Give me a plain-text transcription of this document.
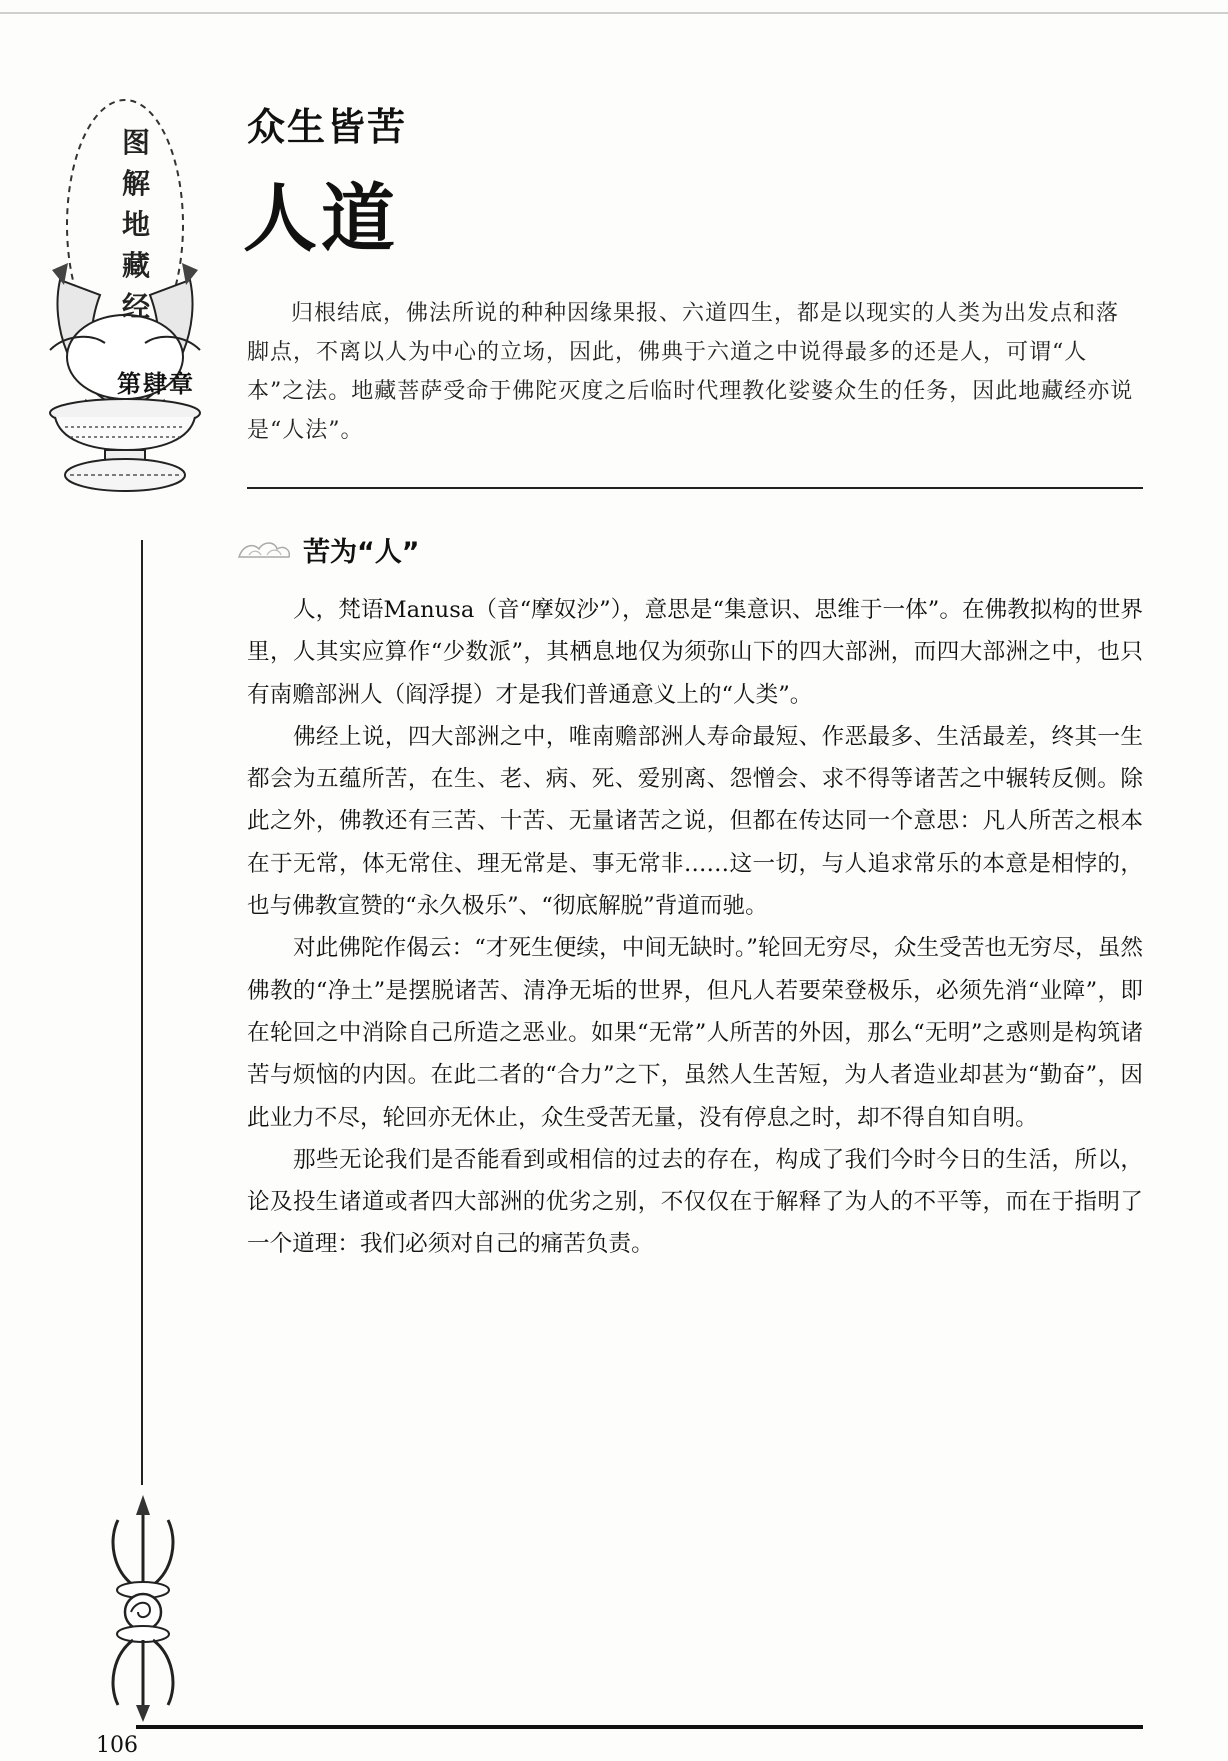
图
解
地
藏
经
第肆章
众生皆苦
人道

归根结底，佛法所说的种种因缘果报、六道四生，都是以现实的人类为出发点和落脚点，不离以人为中心的立场，因此，佛典于六道之中说得最多的还是人，可谓“人本”之法。地藏菩萨受命于佛陀灭度之后临时代理教化娑婆众生的任务，因此地藏经亦说是“人法”。

苦为“人”

人，梵语Manusa（音“摩奴沙”），意思是“集意识、思维于一体”。在佛教拟构的世界里，人其实应算作“少数派”，其栖息地仅为须弥山下的四大部洲，而四大部洲之中，也只有南赡部洲人（阎浮提）才是我们普通意义上的“人类”。

佛经上说，四大部洲之中，唯南赡部洲人寿命最短、作恶最多、生活最差，终其一生都会为五蕴所苦，在生、老、病、死、爱别离、怨憎会、求不得等诸苦之中辗转反侧。除此之外，佛教还有三苦、十苦、无量诸苦之说，但都在传达同一个意思：凡人所苦之根本在于无常，体无常住、理无常是、事无常非……这一切，与人追求常乐的本意是相悖的，也与佛教宣赞的“永久极乐”、“彻底解脱”背道而驰。

对此佛陀作偈云：“才死生便续，中间无缺时。”轮回无穷尽，众生受苦也无穷尽，虽然佛教的“净土”是摆脱诸苦、清净无垢的世界，但凡人若要荣登极乐，必须先消“业障”，即在轮回之中消除自己所造之恶业。如果“无常”人所苦的外因，那么“无明”之惑则是构筑诸苦与烦恼的内因。在此二者的“合力”之下，虽然人生苦短，为人者造业却甚为“勤奋”，因此业力不尽，轮回亦无休止，众生受苦无量，没有停息之时，却不得自知自明。

那些无论我们是否能看到或相信的过去的存在，构成了我们今时今日的生活，所以，论及投生诸道或者四大部洲的优劣之别，不仅仅在于解释了为人的不平等，而在于指明了一个道理：我们必须对自己的痛苦负责。

106
